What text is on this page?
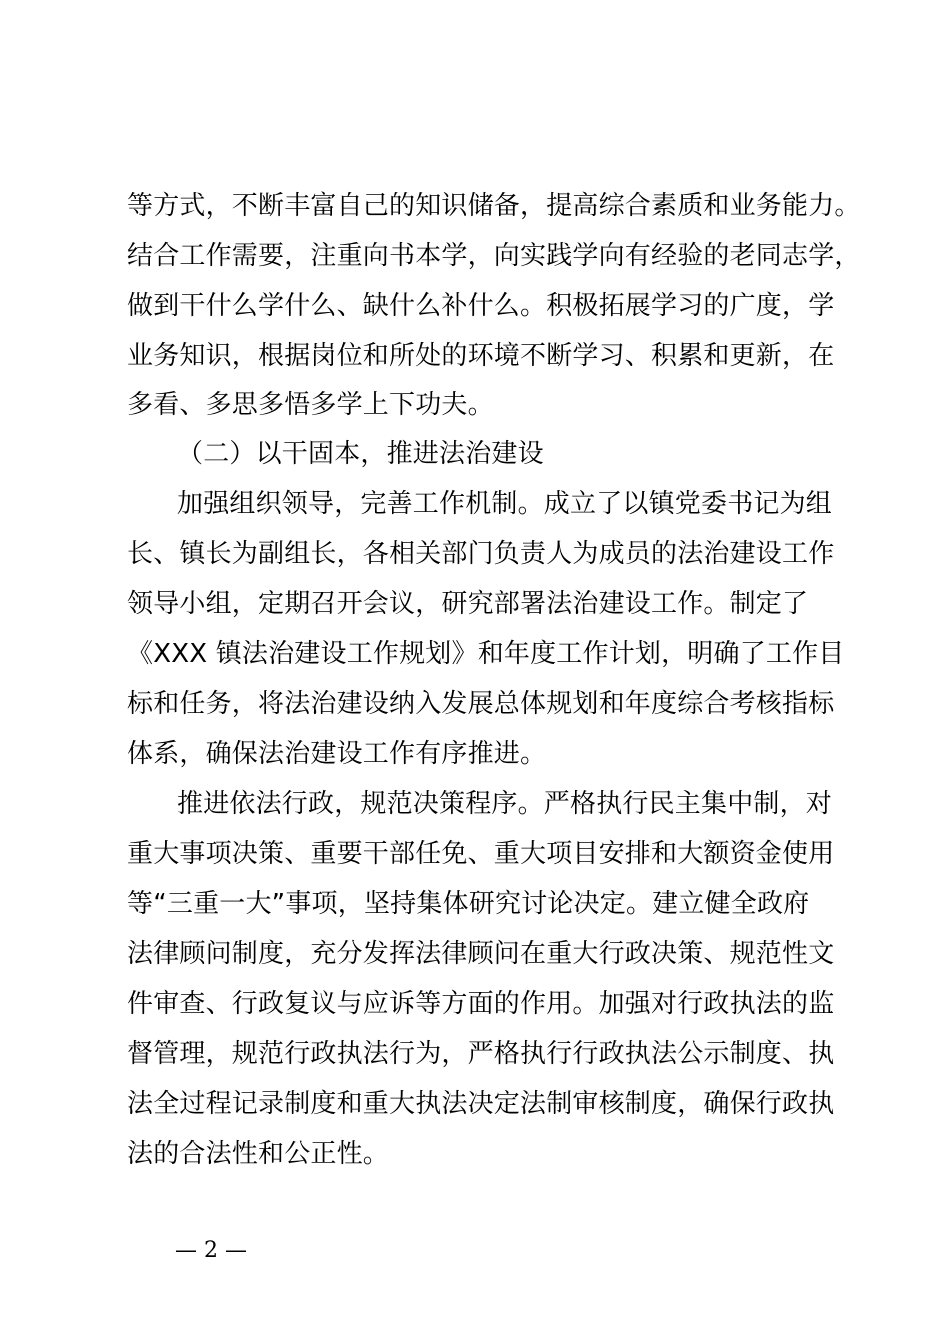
等方式，不断丰富自己的知识储备，提高综合素质和业务能力。
结合工作需要，注重向书本学，向实践学向有经验的老同志学，
做到干什么学什么、缺什么补什么。积极拓展学习的广度，学
业务知识，根据岗位和所处的环境不断学习、积累和更新，在
多看、多思多悟多学上下功夫。
（二）以干固本，推进法治建设
加强组织领导，完善工作机制。成立了以镇党委书记为组
长、镇长为副组长，各相关部门负责人为成员的法治建设工作
领导小组，定期召开会议，研究部署法治建设工作。制定了
《XXX 镇法治建设工作规划》和年度工作计划，明确了工作目
标和任务，将法治建设纳入发展总体规划和年度综合考核指标
体系，确保法治建设工作有序推进。
推进依法行政，规范决策程序。严格执行民主集中制，对
重大事项决策、重要干部任免、重大项目安排和大额资金使用
等“三重一大”事项，坚持集体研究讨论决定。建立健全政府
法律顾问制度，充分发挥法律顾问在重大行政决策、规范性文
件审查、行政复议与应诉等方面的作用。加强对行政执法的监
督管理，规范行政执法行为，严格执行行政执法公示制度、执
法全过程记录制度和重大执法决定法制审核制度，确保行政执
法的合法性和公正性。
— 2 —
